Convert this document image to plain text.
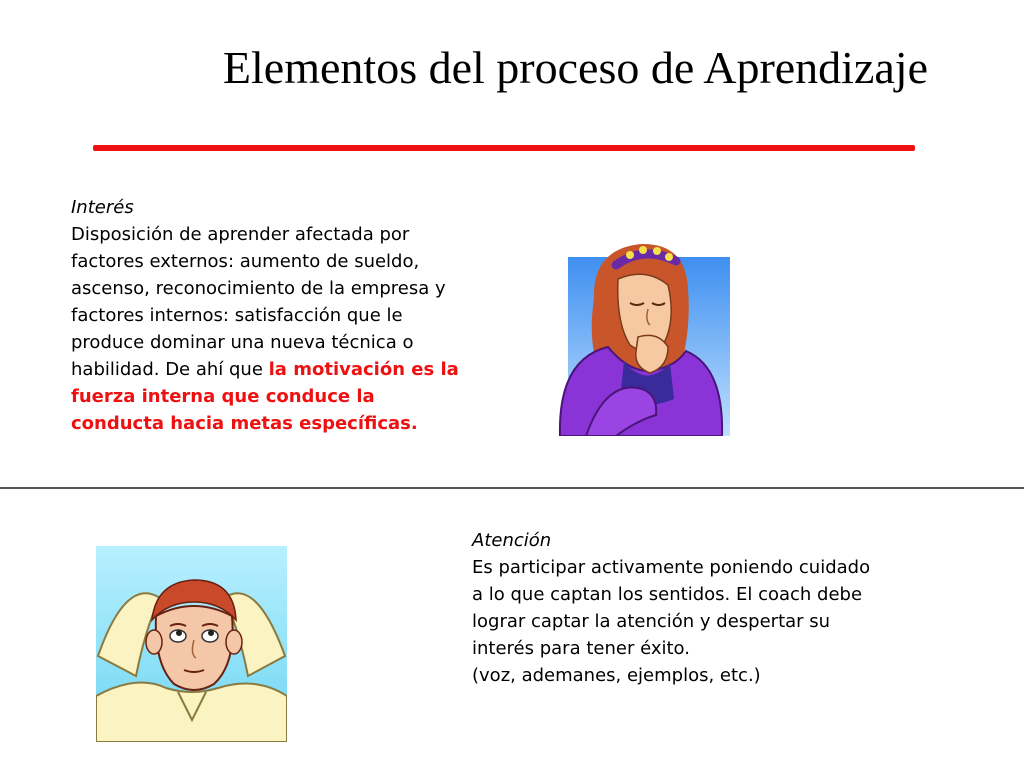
Elementos del proceso de Aprendizaje
Interés
Disposición de aprender afectada por factores externos: aumento de sueldo, ascenso, reconocimiento de la empresa y factores internos: satisfacción que le produce dominar una nueva técnica o habilidad. De ahí que la motivación es la fuerza interna que conduce la conducta hacia metas específicas.
Atención
Es participar activamente poniendo cuidado a lo que captan los sentidos. El coach debe lograr captar la atención y despertar su interés para tener éxito.
(voz, ademanes, ejemplos, etc.)
